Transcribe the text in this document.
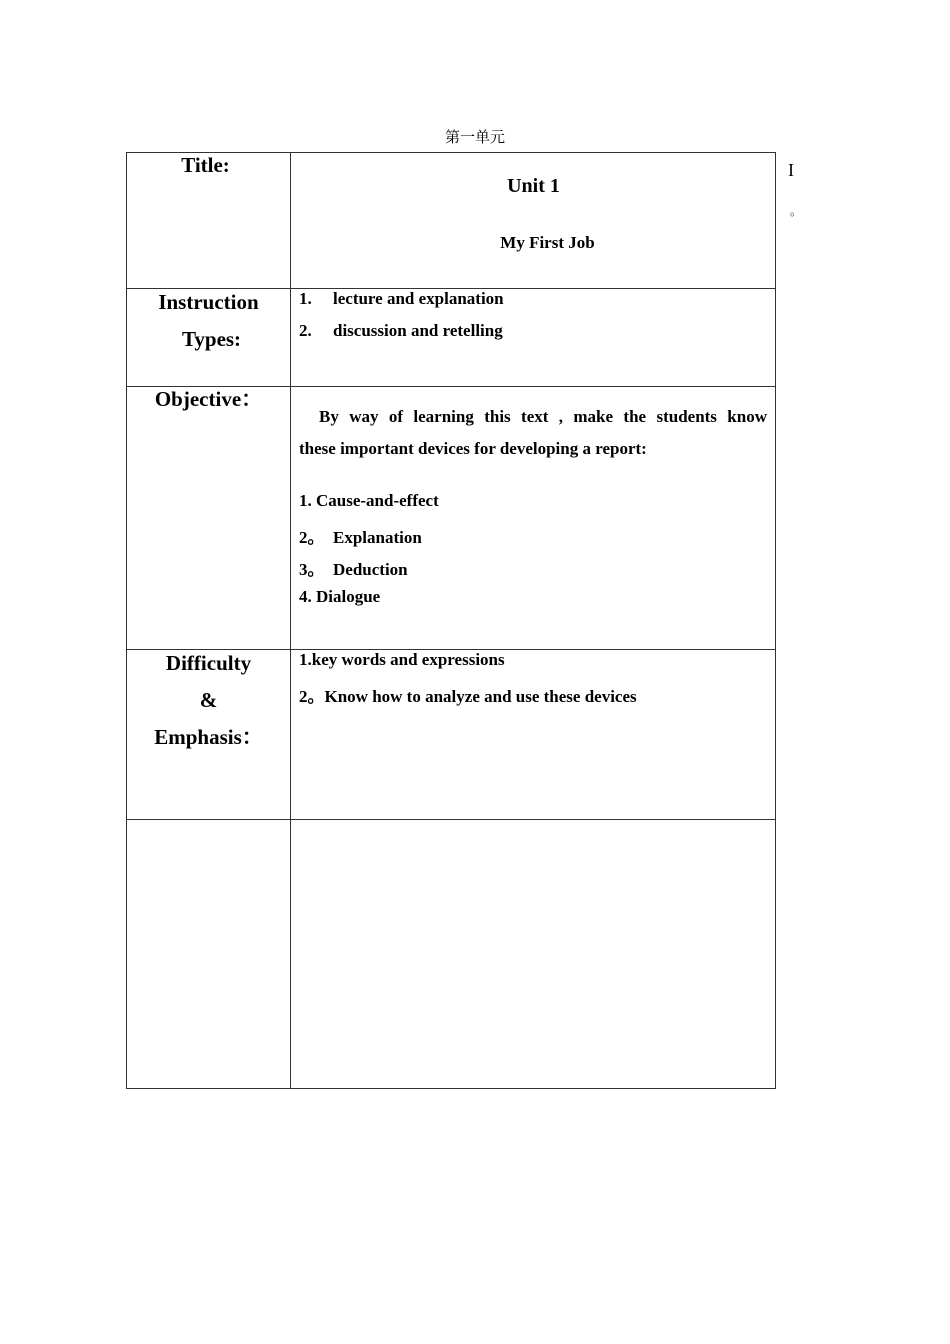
第一单元
I
。
Title:
Unit 1
My First Job
Instruction
Types:
1. lecture and explanation
2. discussion and retelling
Objective：
By way of learning this text , make the students know
these important devices for developing a report:
1. Cause-and-effect
2。 Explanation
3。 Deduction
4. Dialogue
Difficulty
&
Emphasis：
1.key words and expressions
2。Know how to analyze and use these devices
